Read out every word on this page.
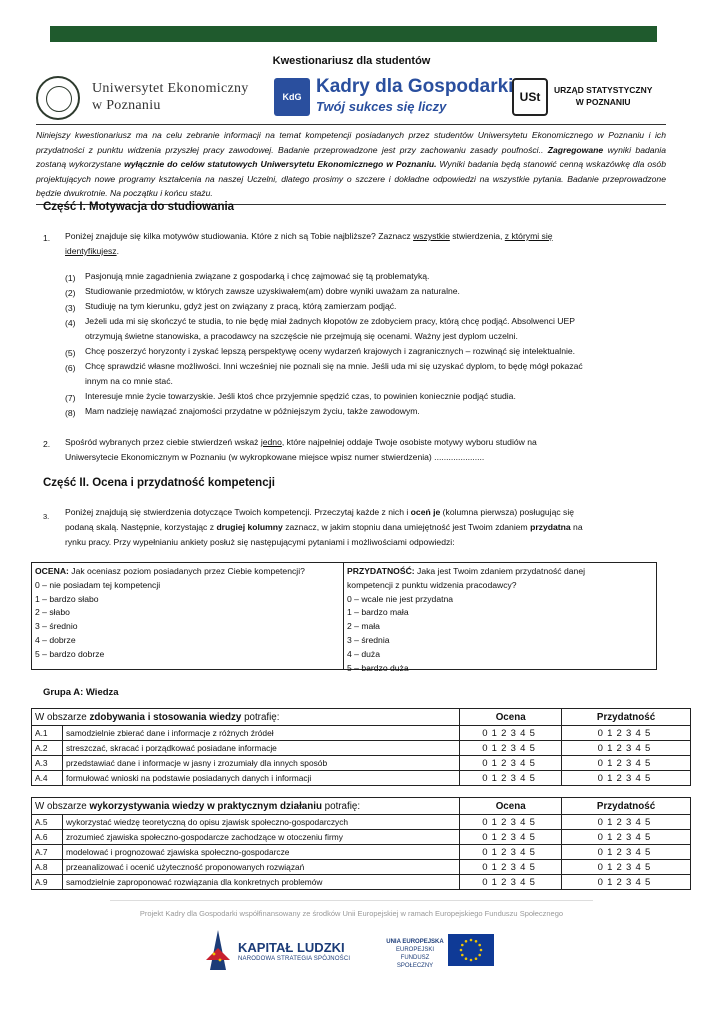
Kwestionariusz dla studentów
Uniwersytet Ekonomiczny
w Poznaniu
KdG Kadry dla Gospodarki
Twój sukces się liczy
USt	URZĄD STATYSTYCZNY
W POZNANIU
Niniejszy kwestionariusz ma na celu zebranie informacji na temat kompetencji posiadanych przez studentów Uniwersytetu Ekonomicznego w Poznaniu i ich przydatności z punktu widzenia przyszłej pracy zawodowej. Badanie przeprowadzone jest przy zachowaniu zasady poufności.. Zagregowane wyniki badania zostaną wykorzystane wyłącznie do celów statutowych Uniwersytetu Ekonomicznego w Poznaniu. Wyniki badania będą stanowić cenną wskazówkę dla osób projektujących nowe programy kształcenia na naszej Uczelni, dlatego prosimy o szczere i dokładne odpowiedzi na wszystkie pytania. Badanie przeprowadzone będzie dwukrotnie. Na początku i końcu stażu.
Część I. Motywacja do studiowania
1. Poniżej znajduje się kilka motywów studiowania. Które z nich są Tobie najbliższe? Zaznacz wszystkie stwierdzenia, z którymi się
identyfikujesz.
(1) Pasjonują mnie zagadnienia związane z gospodarką i chcę zajmować się tą problematyką.
(2) Studiowanie przedmiotów, w których zawsze uzyskiwałem(am) dobre wyniki uważam za naturalne.
(3) Studiuję na tym kierunku, gdyż jest on związany z pracą, którą zamierzam podjąć.
(4) Jeżeli uda mi się skończyć te studia, to nie będę miał żadnych kłopotów ze zdobyciem pracy, którą chcę podjąć. Absolwenci UEP
otrzymują świetne stanowiska, a pracodawcy na szczęście nie przejmują się ocenami. Ważny jest dyplom uczelni.
(5) Chcę poszerzyć horyzonty i zyskać lepszą perspektywę oceny wydarzeń krajowych i zagranicznych – rozwinąć się intelektualnie.
(6) Chcę sprawdzić własne możliwości. Inni wcześniej nie poznali się na mnie. Jeśli uda mi się uzyskać dyplom, to będę mógł pokazać
innym na co mnie stać.
(7) Interesuje mnie życie towarzyskie. Jeśli ktoś chce przyjemnie spędzić czas, to powinien koniecznie podjąć studia.
(8) Mam nadzieję nawiązać znajomości przydatne w późniejszym życiu, także zawodowym.
2. Spośród wybranych przez ciebie stwierdzeń wskaż jedno, które najpełniej oddaje Twoje osobiste motywy wyboru studiów na
Uniwersytecie Ekonomicznym w Poznaniu (w wykropkowane miejsce wpisz numer stwierdzenia) .....................
Część II. Ocena i przydatność kompetencji
3. Poniżej znajdują się stwierdzenia dotyczące Twoich kompetencji. Przeczytaj każde z nich i oceń je (kolumna pierwsza) posługując się
podaną skalą. Następnie, korzystając z drugiej kolumny zaznacz, w jakim stopniu dana umiejętność jest Twoim zdaniem przydatna na
rynku pracy. Przy wypełnianiu ankiety posłuż się następującymi pytaniami i możliwościami odpowiedzi:
OCENA: Jak oceniasz poziom posiadanych przez Ciebie kompetencji?
0 – nie posiadam tej kompetencji
1 – bardzo słabo
2 – słabo
3 – średnio
4 – dobrze
5 – bardzo dobrze
PRZYDATNOŚĆ: Jaka jest Twoim zdaniem przydatność danej
kompetencji z punktu widzenia pracodawcy?
0 – wcale nie jest przydatna
1 – bardzo mała
2 – mała
3 – średnia
4 – duża
5 – bardzo duża
Grupa A: Wiedza
W obszarze zdobywania i stosowania wiedzy potrafię:		Ocena	Przydatność
A.1	samodzielnie zbierać dane i informacje z różnych źródeł	012345	012345
A.2	streszczać, skracać i porządkować posiadane informacje	012345	012345
A.3	przedstawiać dane i informacje w jasny i zrozumiały dla innych sposób	012345	012345
A.4	formułować wnioski na podstawie posiadanych danych i informacji	012345	012345
W obszarze wykorzystywania wiedzy w praktycznym działaniu potrafię:		Ocena	Przydatność
A.5	wykorzystać wiedzę teoretyczną do opisu zjawisk społeczno-gospodarczych	012345	012345
A.6	zrozumieć zjawiska społeczno-gospodarcze zachodzące w otoczeniu firmy	012345	012345
A.7	modelować i prognozować zjawiska społeczno-gospodarcze	012345	012345
A.8	przeanalizować i ocenić użyteczność proponowanych rozwiązań	012345	012345
A.9	samodzielnie zaproponować rozwiązania dla konkretnych problemów	012345	012345
Projekt Kadry dla Gospodarki współfinansowany ze środków Unii Europejskiej w ramach Europejskiego Funduszu Społecznego
KAPITAŁ LUDZKI
NARODOWA STRATEGIA SPÓJNOŚCI
UNIA EUROPEJSKA
EUROPEJSKI
FUNDUSZ SPOŁECZNY
